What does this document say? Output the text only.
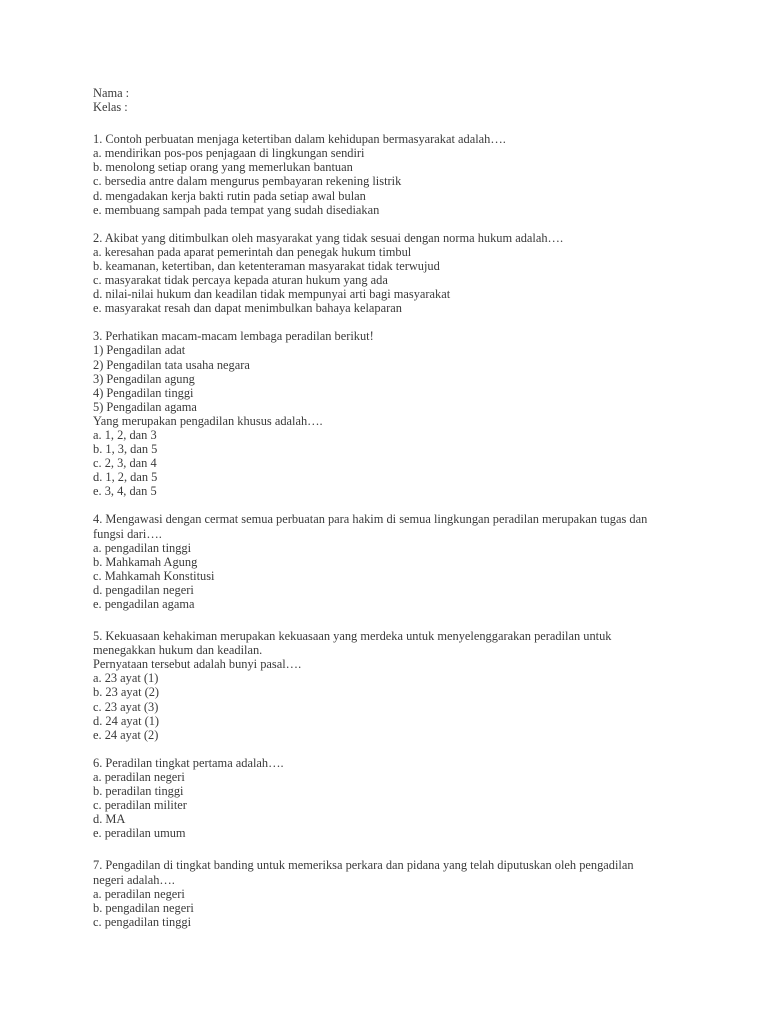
Nama :
Kelas :
1. Contoh perbuatan menjaga ketertiban dalam kehidupan bermasyarakat adalah….
a. mendirikan pos-pos penjagaan di lingkungan sendiri
b. menolong setiap orang yang memerlukan bantuan
c. bersedia antre dalam mengurus pembayaran rekening listrik
d. mengadakan kerja bakti rutin pada setiap awal bulan
e. membuang sampah pada tempat yang sudah disediakan
2. Akibat yang ditimbulkan oleh masyarakat yang tidak sesuai dengan norma hukum adalah….
a. keresahan pada aparat pemerintah dan penegak hukum timbul
b. keamanan, ketertiban, dan ketenteraman masyarakat tidak terwujud
c. masyarakat tidak percaya kepada aturan hukum yang ada
d. nilai-nilai hukum dan keadilan tidak mempunyai arti bagi masyarakat
e. masyarakat resah dan dapat menimbulkan bahaya kelaparan
3. Perhatikan macam-macam lembaga peradilan berikut!
1) Pengadilan adat
2) Pengadilan tata usaha negara
3) Pengadilan agung
4) Pengadilan tinggi
5) Pengadilan agama
Yang merupakan pengadilan khusus adalah….
a. 1, 2, dan 3
b. 1, 3, dan 5
c. 2, 3, dan 4
d. 1, 2, dan 5
e. 3, 4, dan 5
4. Mengawasi dengan cermat semua perbuatan para hakim di semua lingkungan peradilan merupakan tugas dan
fungsi dari….
a. pengadilan tinggi
b. Mahkamah Agung
c. Mahkamah Konstitusi
d. pengadilan negeri
e. pengadilan agama
5. Kekuasaan kehakiman merupakan kekuasaan yang merdeka untuk menyelenggarakan peradilan untuk
menegakkan hukum dan keadilan.
Pernyataan tersebut adalah bunyi pasal….
a. 23 ayat (1)
b. 23 ayat (2)
c. 23 ayat (3)
d. 24 ayat (1)
e. 24 ayat (2)
6. Peradilan tingkat pertama adalah….
a. peradilan negeri
b. peradilan tinggi
c. peradilan militer
d. MA
e. peradilan umum
7. Pengadilan di tingkat banding untuk memeriksa perkara dan pidana yang telah diputuskan oleh pengadilan
negeri adalah….
a. peradilan negeri
b. pengadilan negeri
c. pengadilan tinggi
